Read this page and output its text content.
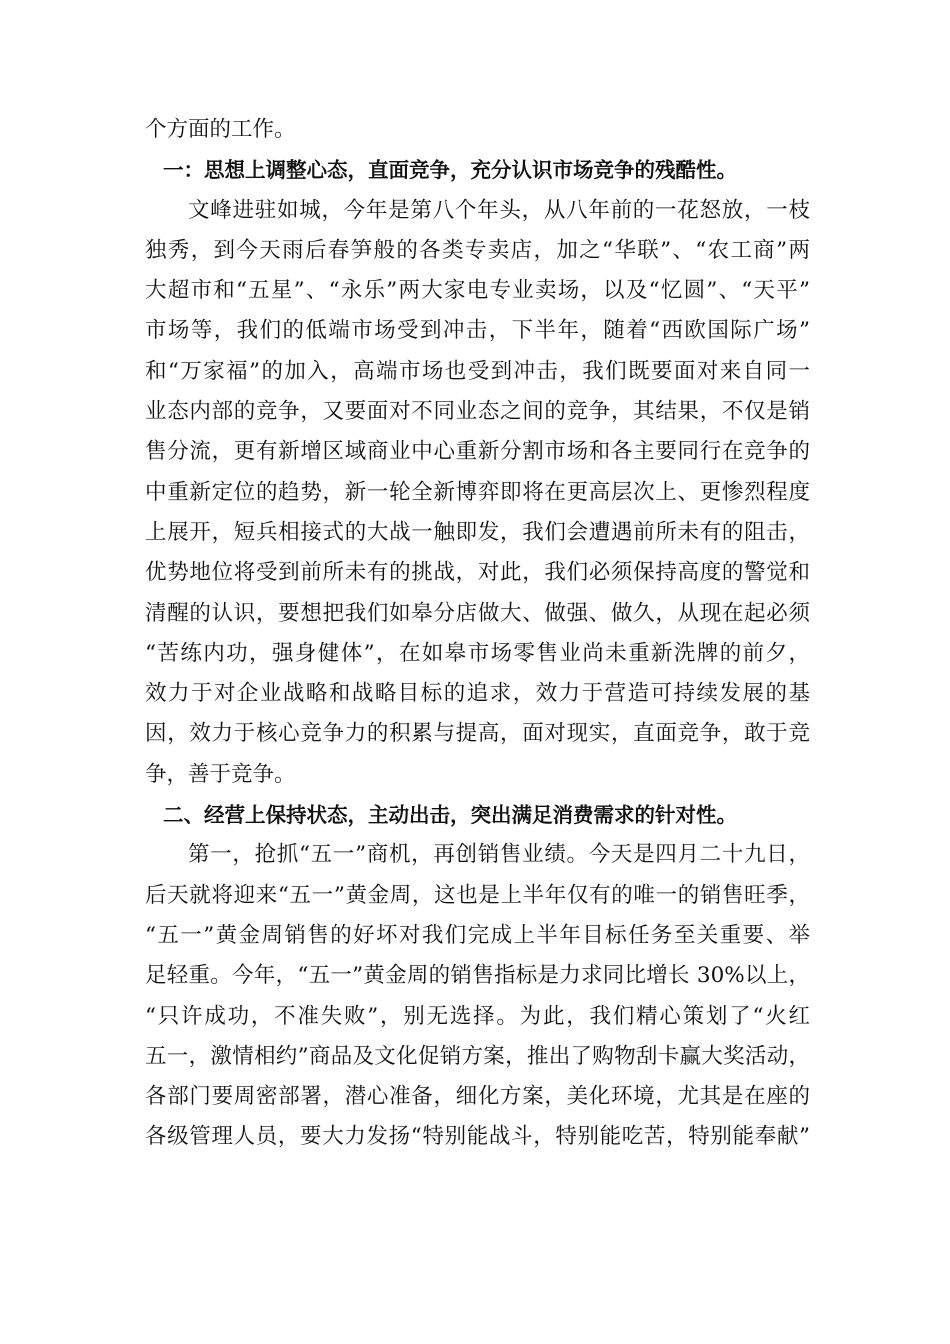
个方面的工作。
一：思想上调整心态，直面竞争，充分认识市场竞争的残酷性。
文峰进驻如城，今年是第八个年头，从八年前的一花怒放，一枝
独秀，到今天雨后春笋般的各类专卖店，加之“华联”、“农工商”两
大超市和“五星”、“永乐”两大家电专业卖场，以及“忆圆”、“天平”
市场等，我们的低端市场受到冲击，下半年，随着“西欧国际广场”
和“万家福”的加入，高端市场也受到冲击，我们既要面对来自同一
业态内部的竞争，又要面对不同业态之间的竞争，其结果，不仅是销
售分流，更有新增区域商业中心重新分割市场和各主要同行在竞争的
中重新定位的趋势，新一轮全新博弈即将在更高层次上、更惨烈程度
上展开，短兵相接式的大战一触即发，我们会遭遇前所未有的阻击，
优势地位将受到前所未有的挑战，对此，我们必须保持高度的警觉和
清醒的认识，要想把我们如皋分店做大、做强、做久，从现在起必须
“苦练内功，强身健体”，在如皋市场零售业尚未重新洗牌的前夕，
效力于对企业战略和战略目标的追求，效力于营造可持续发展的基
因，效力于核心竞争力的积累与提高，面对现实，直面竞争，敢于竞
争，善于竞争。
二、经营上保持状态，主动出击，突出满足消费需求的针对性。
第一，抢抓“五一”商机，再创销售业绩。今天是四月二十九日，
后天就将迎来“五一”黄金周，这也是上半年仅有的唯一的销售旺季，
“五一”黄金周销售的好坏对我们完成上半年目标任务至关重要、举
足轻重。今年，“五一”黄金周的销售指标是力求同比增长 30%以上，
“只许成功，不准失败”，别无选择。为此，我们精心策划了“火红
五一，激情相约”商品及文化促销方案，推出了购物刮卡赢大奖活动，
各部门要周密部署，潜心准备，细化方案，美化环境，尤其是在座的
各级管理人员，要大力发扬“特别能战斗，特别能吃苦，特别能奉献”
